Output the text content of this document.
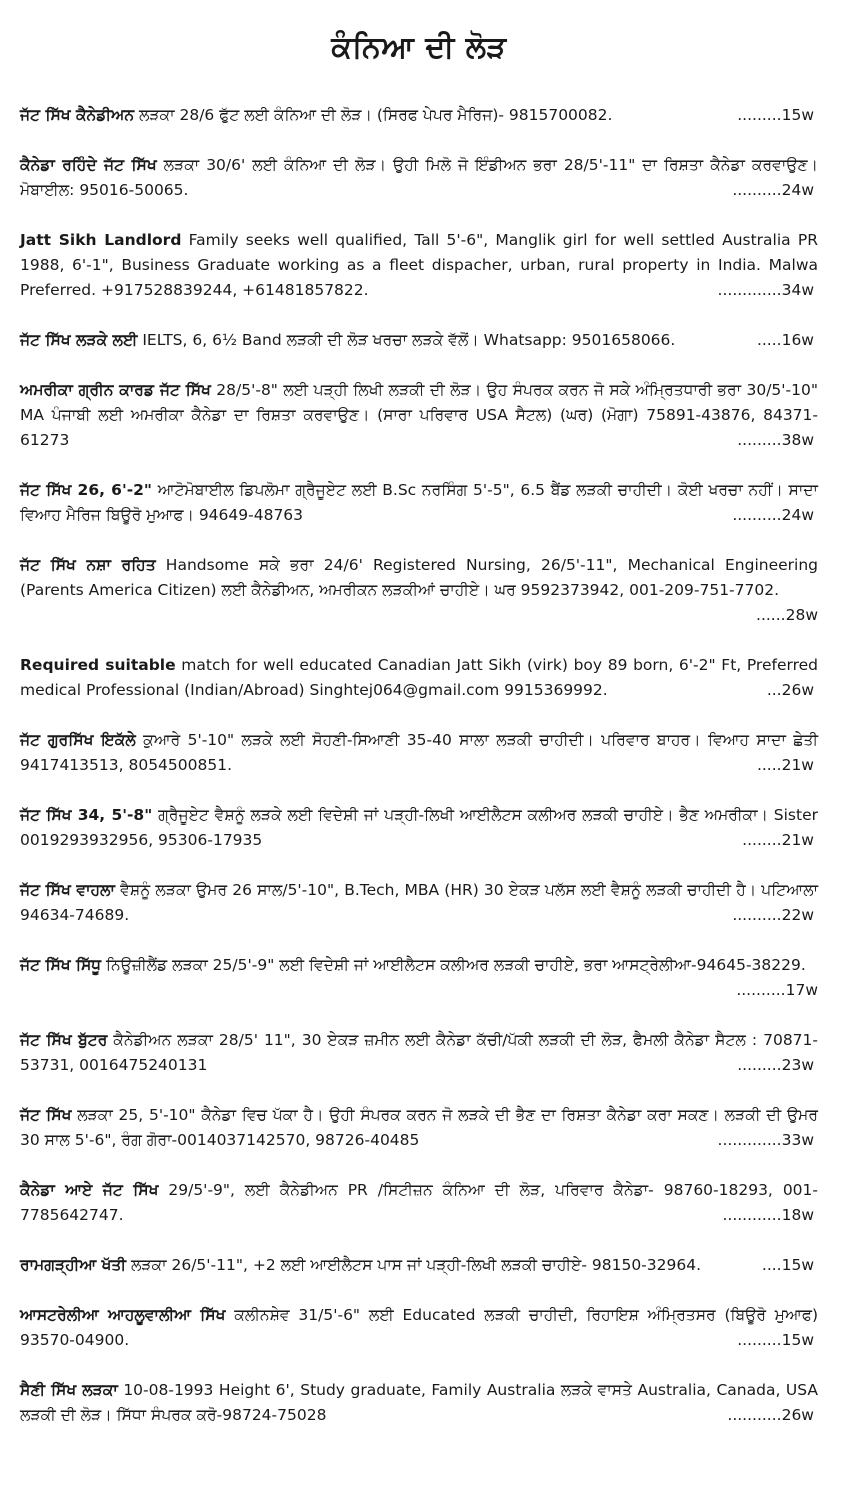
ਕੰਨਿਆ ਦੀ ਲੋੜ
ਜੱਟ ਸਿੱਖ ਕੈਨੇਡੀਅਨ ਲੜਕਾ 28/6 ਫੁੱਟ ਲਈ ਕੰਨਿਆ ਦੀ ਲੋੜ। (ਸਿਰਫ ਪੇਪਰ ਮੈਰਿਜ)- 9815700082.	.........15w
ਕੈਨੇਡਾ ਰਹਿੰਦੇ ਜੱਟ ਸਿੱਖ ਲੜਕਾ 30/6' ਲਈ ਕੰਨਿਆ ਦੀ ਲੋੜ। ਉਹੀ ਮਿਲੋ ਜੋ ਇੰਡੀਅਨ ਭਰਾ 28/5'-11" ਦਾ ਰਿਸ਼ਤਾ ਕੈਨੇਡਾ ਕਰਵਾਉਣ। ਮੋਬਾਈਲ: 95016-50065.	..........24w
Jatt Sikh Landlord Family seeks well qualified, Tall 5'-6", Manglik girl for well settled Australia PR 1988, 6'-1", Business Graduate working as a fleet dispacher, urban, rural property in India. Malwa Preferred. +917528839244, +61481857822.	.............34w
ਜੱਟ ਸਿੱਖ ਲੜਕੇ ਲਈ IELTS, 6, 6½ Band ਲੜਕੀ ਦੀ ਲੋੜ ਖਰਚਾ ਲੜਕੇ ਵੱਲੋਂ। Whatsapp: 9501658066.	.....16w
ਅਮਰੀਕਾ ਗ੍ਰੀਨ ਕਾਰਡ ਜੱਟ ਸਿੱਖ 28/5'-8" ਲਈ ਪੜ੍ਹੀ ਲਿਖੀ ਲੜਕੀ ਦੀ ਲੋੜ। ਉਹ ਸੰਪਰਕ ਕਰਨ ਜੋ ਸਕੇ ਅੰਮ੍ਰਿਤਧਾਰੀ ਭਰਾ 30/5'-10" MA ਪੰਜਾਬੀ ਲਈ ਅਮਰੀਕਾ ਕੈਨੇਡਾ ਦਾ ਰਿਸ਼ਤਾ ਕਰਵਾਉਣ। (ਸਾਰਾ ਪਰਿਵਾਰ USA ਸੈਟਲ) (ਘਰ) (ਮੋਗਾ) 75891-43876, 84371-61273	.........38w
ਜੱਟ ਸਿੱਖ 26, 6'-2" ਆਟੋਮੋਬਾਈਲ ਡਿਪਲੋਮਾ ਗ੍ਰੈਜੂਏਟ ਲਈ B.Sc ਨਰਸਿੰਗ 5'-5", 6.5 ਬੈਂਡ ਲੜਕੀ ਚਾਹੀਦੀ। ਕੋਈ ਖਰਚਾ ਨਹੀਂ। ਸਾਦਾ ਵਿਆਹ ਮੈਰਿਜ ਬਿਊਰੋ ਮੁਆਫ। 94649-48763	..........24w
ਜੱਟ ਸਿੱਖ ਨਸ਼ਾ ਰਹਿਤ Handsome ਸਕੇ ਭਰਾ 24/6' Registered Nursing, 26/5'-11", Mechanical Engineering (Parents America Citizen) ਲਈ ਕੈਨੇਡੀਅਨ, ਅਮਰੀਕਨ ਲੜਕੀਆਂ ਚਾਹੀਏ। ਘਰ 9592373942, 001-209-751-7702.
......28w
Required suitable match for well educated Canadian Jatt Sikh (virk) boy 89 born, 6'-2" Ft, Preferred medical Professional (Indian/Abroad) Singhtej064@gmail.com 9915369992.	...26w
ਜੱਟ ਗੁਰਸਿੱਖ ਇਕੱਲੇ ਕੁਆਰੇ 5'-10" ਲੜਕੇ ਲਈ ਸੋਹਣੀ-ਸਿਆਣੀ 35-40 ਸਾਲਾ ਲੜਕੀ ਚਾਹੀਦੀ। ਪਰਿਵਾਰ ਬਾਹਰ। ਵਿਆਹ ਸਾਦਾ ਛੇਤੀ 9417413513, 8054500851.	.....21w
ਜੱਟ ਸਿੱਖ 34, 5'-8" ਗ੍ਰੈਜੂਏਟ ਵੈਸ਼ਨੂੰ ਲੜਕੇ ਲਈ ਵਿਦੇਸ਼ੀ ਜਾਂ ਪੜ੍ਹੀ-ਲਿਖੀ ਆਈਲੈਟਸ ਕਲੀਅਰ ਲੜਕੀ ਚਾਹੀਏ। ਭੈਣ ਅਮਰੀਕਾ। Sister 0019293932956, 95306-17935	........21w
ਜੱਟ ਸਿੱਖ ਵਾਹਲਾ ਵੈਸ਼ਨੂੰ ਲੜਕਾ ਉਮਰ 26 ਸਾਲ/5'-10", B.Tech, MBA (HR) 30 ਏਕੜ ਪਲੱਸ ਲਈ ਵੈਸ਼ਨੂੰ ਲੜਕੀ ਚਾਹੀਦੀ ਹੈ। ਪਟਿਆਲਾ 94634-74689.	..........22w
ਜੱਟ ਸਿੱਖ ਸਿੱਧੂ ਨਿਊਜ਼ੀਲੈਂਡ ਲੜਕਾ 25/5'-9" ਲਈ ਵਿਦੇਸ਼ੀ ਜਾਂ ਆਈਲੈਟਸ ਕਲੀਅਰ ਲੜਕੀ ਚਾਹੀਏ, ਭਰਾ ਆਸਟ੍ਰੇਲੀਆ-94645-38229.
..........17w
ਜੱਟ ਸਿੱਖ ਬੁੱਟਰ ਕੈਨੇਡੀਅਨ ਲੜਕਾ 28/5' 11", 30 ਏਕੜ ਜ਼ਮੀਨ ਲਈ ਕੈਨੇਡਾ ਕੱਚੀ/ਪੱਕੀ ਲੜਕੀ ਦੀ ਲੋੜ, ਫੈਮਲੀ ਕੈਨੇਡਾ ਸੈਟਲ : 70871-53731, 0016475240131	.........23w
ਜੱਟ ਸਿੱਖ ਲੜਕਾ 25, 5'-10" ਕੈਨੇਡਾ ਵਿਚ ਪੱਕਾ ਹੈ। ਉਹੀ ਸੰਪਰਕ ਕਰਨ ਜੋ ਲੜਕੇ ਦੀ ਭੈਣ ਦਾ ਰਿਸ਼ਤਾ ਕੈਨੇਡਾ ਕਰਾ ਸਕਣ। ਲੜਕੀ ਦੀ ਉਮਰ 30 ਸਾਲ 5'-6", ਰੰਗ ਗੋਰਾ-0014037142570, 98726-40485	.............33w
ਕੈਨੇਡਾ ਆਏ ਜੱਟ ਸਿੱਖ 29/5'-9", ਲਈ ਕੈਨੇਡੀਅਨ PR /ਸਿਟੀਜ਼ਨ ਕੰਨਿਆ ਦੀ ਲੋੜ, ਪਰਿਵਾਰ ਕੈਨੇਡਾ- 98760-18293, 001-7785642747.	............18w
ਰਾਮਗੜ੍ਹੀਆ ਖੱਤੀ ਲੜਕਾ 26/5'-11", +2 ਲਈ ਆਈਲੈਟਸ ਪਾਸ ਜਾਂ ਪੜ੍ਹੀ-ਲਿਖੀ ਲੜਕੀ ਚਾਹੀਏ- 98150-32964.	....15w
ਆਸਟਰੇਲੀਆ ਆਹਲੂਵਾਲੀਆ ਸਿੱਖ ਕਲੀਨਸ਼ੇਵ 31/5'-6" ਲਈ Educated ਲੜਕੀ ਚਾਹੀਦੀ, ਰਿਹਾਇਸ਼ ਅੰਮ੍ਰਿਤਸਰ (ਬਿਊਰੋ ਮੁਆਫ) 93570-04900.	.........15w
ਸੈਣੀ ਸਿੱਖ ਲੜਕਾ 10-08-1993 Height 6', Study graduate, Family Australia ਲੜਕੇ ਵਾਸਤੇ Australia, Canada, USA ਲੜਕੀ ਦੀ ਲੋੜ। ਸਿੱਧਾ ਸੰਪਰਕ ਕਰੋ-98724-75028	...........26w
